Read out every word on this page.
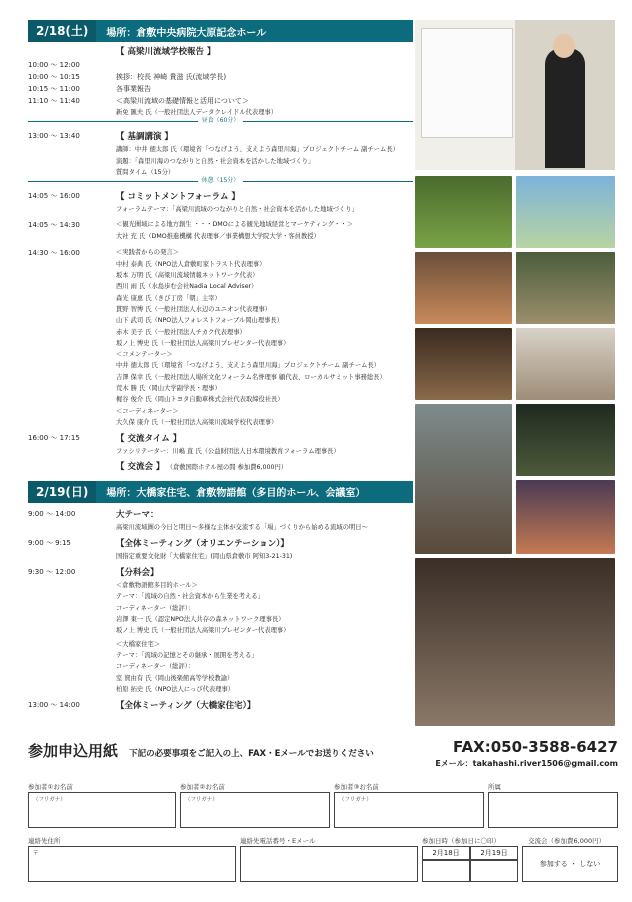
2/18(土)	場所：倉敷中央病院大原記念ホール
【 高梁川流域学校報告 】
10:00 ～ 12:00
10:00 ～ 10:15	挨拶：校長 神崎 貴滋 氏(流域学長)
10:15 ～ 11:00	各事業報告
11:10 ～ 11:40	＜高梁川流域の基礎情報と活用について＞
新免 匯夫 氏（一般社団法人データクレイドル代表理事）
昼食（60分）
13:00 ～ 13:40	【 基調講演 】
講師：中井 徳太郎 氏（環境省「つなげよう、支えよう森里川海」プロジェクトチーム 副チーム長）
演題：「森里川海のつながりと自然・社会資本を活かした地域づくり」
質問タイム（15分）
休憩（15分）
14:05 ～ 16:00	【 コミットメントフォーラム 】
フォーラムテーマ：「高梁川流域のつながりと自然・社会資本を活かした地域づくり」
14:05 ～ 14:30	＜観光圏域による地方創生 ・・・DMOによる観光地域経営とマーケティング・・＞
大社 充 氏（DMO推進機構 代表理事／事業構想大学院大学・客員教授）
14:30 ～ 16:00	＜実践者からの発言＞
中村 泰典 氏（NPO法人倉敷町家トラスト代表理事）
坂本 万明 氏（高梁川流域情報ネットワーク代表）
西川 雨 氏（水島歩む会社Nadia Local Adviser）
森光 康恵 氏（きび丁房「朝」主宰）
貫野 智博 氏（一般社団法人水辺のユニオン代表理事）
山下 武司 氏（NPO法人フォレストフォーブル岡山理事長）
赤木 美子 氏（一般社団法人チカク代表理事）
坂ノ上 博史 氏（一般社団法人高梁川プレゼンター代表理事）
＜コメンテーター＞
中井 徳太郎 氏（環境省「つなげよう、支えよう森里川海」プロジェクトチーム 副チーム長）
吉澤 保幸 氏（一般社団法人場所文化フォーラム名誉理事 顧代表、ローカルサミット事務総長）
荒木 勝 氏（岡山大学副学長・理事）
梶谷 俊介 氏（岡山トヨタ自動車株式会社代表取締役社長）
＜コーディネーター＞
大久保 康介 氏（一般社団法人高梁川流域学校代表理事）
16:00 ～ 17:15	【 交流タイム 】
ファシリテーター：川嶋 直 氏（公益財団法人日本環境教育フォーラム理事長）
【 交流会 】 （倉敷国際ホテル屋の間 参加費6,000円）
2/19(日)	場所：大橋家住宅、倉敷物語館（多目的ホール、会議室）
9:00 ～ 14:00	大テーマ：
高梁川流域圏の今日と明日～多様な主体が交流する「場」づくりから始める流域の明日～
9:00 ～ 9:15	【全体ミーティング（オリエンテーション）】
国指定重要文化財「大橋家住宅」(岡山県倉敷市 阿知3-21-31)
9:30 ～ 12:00	【分科会】
＜倉敷物語館多目的ホール＞
テーマ：「流域の自然・社会資本から生業を考える」
コーディネーター（総評）：
岩澤 東一 氏（認定NPO法人共存の森ネットワーク理事長）
坂ノ上 博史 氏（一般社団法人高梁川プレゼンター代表理事）
＜大橋家住宅＞
テーマ：「流域の記憶とその継承・展開を考える」
コーディネーター（総評）：
室 賀由有 氏（岡山後楽館高等学校教諭）
柏原 拓史 氏（NPO法人にっぴ代表理事）
13:00 ～ 14:00	【全体ミーティング（大橋家住宅）】
参加申込用紙 下記の必要事項をご記入の上、FAX・Eメールでお送りください	FAX:050-3588-6427
Eメール：takahashi.river1506@gmail.com
参加者①お名前	参加者②お名前	参加者③お名前	所属
（フリガナ）	（フリガナ）	（フリガナ）
連絡先住所	連絡先電話番号・Eメール	参加日時（参加日に〇印）	交流会（参加費6,000円）
〒	2月18日	2月19日
参加する ・ しない
